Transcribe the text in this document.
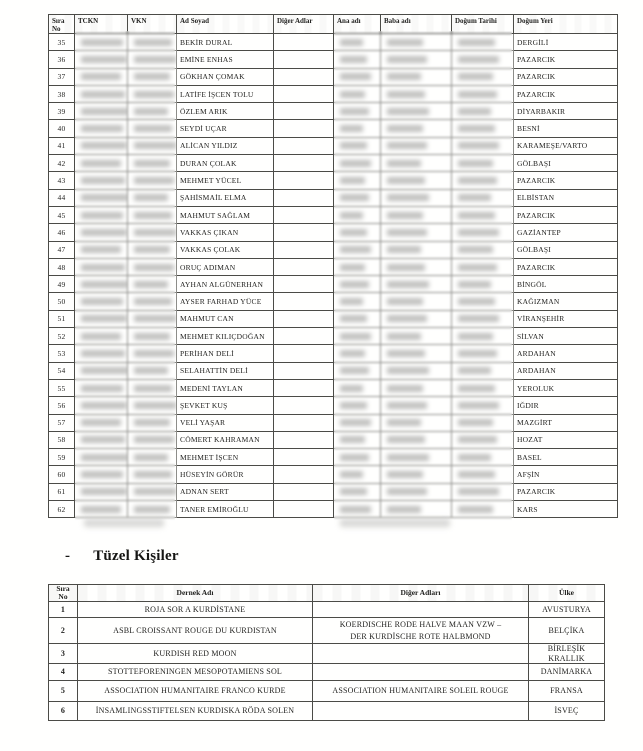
Sıra No	TCKN	VKN	Ad Soyad	Diğer Adlar	Ana adı	Baba adı	Doğum Tarihi	Doğum Yeri
35			BEKİR DURAL					DERGİLİ
36			EMİNE ENHAS					PAZARCIK
37			GÖKHAN ÇOMAK					PAZARCIK
38			LATİFE İŞCEN TOLU					PAZARCIK
39			ÖZLEM ARIK					DİYARBAKIR
40			SEYDİ UÇAR					BESNİ
41			ALİCAN YILDIZ					KARAMEŞE/VARTO
42			DURAN ÇOLAK					GÖLBAŞI
43			MEHMET YÜCEL					PAZARCIK
44			ŞAHİSMAİL ELMA					ELBİSTAN
45			MAHMUT SAĞLAM					PAZARCIK
46			VAKKAS ÇIKAN					GAZİANTEP
47			VAKKAS ÇOLAK					GÖLBAŞI
48			ORUÇ ADIMAN					PAZARCIK
49			AYHAN ALGÜNERHAN					BİNGÖL
50			AYSER FARHAD YÜCE					KAĞIZMAN
51			MAHMUT CAN					VİRANŞEHİR
52			MEHMET KILIÇDOĞAN					SİLVAN
53			PERİHAN DELİ					ARDAHAN
54			SELAHATTİN DELİ					ARDAHAN
55			MEDENİ TAYLAN					YEROLUK
56			ŞEVKET KUŞ					IĞDIR
57			VELİ YAŞAR					MAZGİRT
58			CÖMERT KAHRAMAN					HOZAT
59			MEHMET İŞCEN					BASEL
60			HÜSEYİN GÖRÜR					AFŞİN
61			ADNAN SERT					PAZARCIK
62			TANER EMİROĞLU					KARS
- Tüzel Kişiler
Sıra No	Dernek Adı	Diğer Adları	Ülke
1	ROJA SOR A KURDİSTANE		AVUSTURYA
2	ASBL CROISSANT ROUGE DU KURDISTAN	KOERDISCHE RODE HALVE MAAN VZW –
DER KURDİSCHE ROTE HALBMOND	BELÇİKA
3	KURDISH RED MOON		BİRLEŞİK KRALLIK
4	STOTTEFORENINGEN MESOPOTAMIENS SOL		DANİMARKA
5	ASSOCIATION HUMANITAIRE FRANCO KURDE	ASSOCIATION HUMANITAIRE SOLEIL ROUGE	FRANSA
6	İNSAMLINGSSTIFTELSEN KURDISKA RÖDA SOLEN		İSVEÇ
